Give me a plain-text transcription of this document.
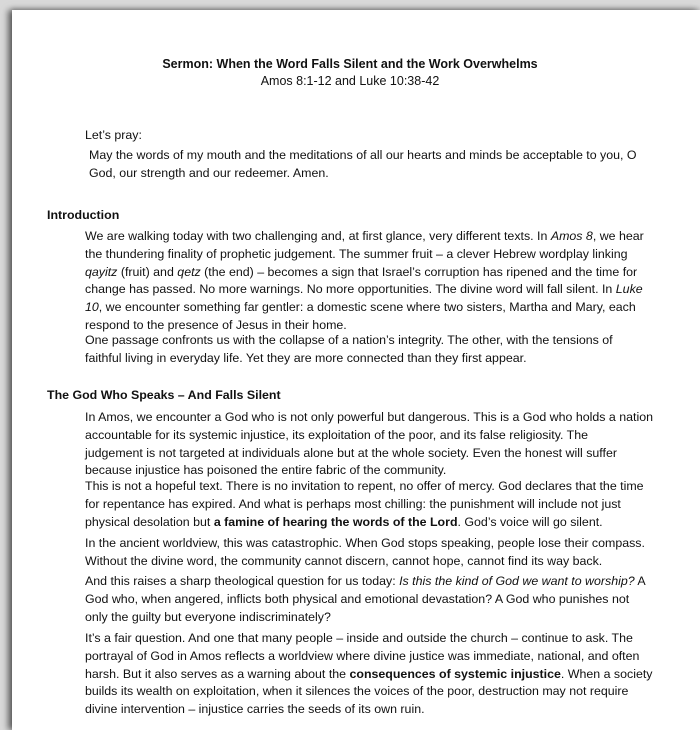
Sermon: When the Word Falls Silent and the Work Overwhelms
Amos 8:1-12 and Luke 10:38-42
Let’s pray:
May the words of my mouth and the meditations of all our hearts and minds be acceptable to you, O
God, our strength and our redeemer. Amen.
Introduction
We are walking today with two challenging and, at first glance, very different texts. In Amos 8, we hear
the thundering finality of prophetic judgement. The summer fruit – a clever Hebrew wordplay linking
qayitz (fruit) and qetz (the end) – becomes a sign that Israel’s corruption has ripened and the time for
change has passed. No more warnings. No more opportunities. The divine word will fall silent. In Luke
10, we encounter something far gentler: a domestic scene where two sisters, Martha and Mary, each
respond to the presence of Jesus in their home.
One passage confronts us with the collapse of a nation’s integrity. The other, with the tensions of
faithful living in everyday life. Yet they are more connected than they first appear.
The God Who Speaks – And Falls Silent
In Amos, we encounter a God who is not only powerful but dangerous. This is a God who holds a nation
accountable for its systemic injustice, its exploitation of the poor, and its false religiosity. The
judgement is not targeted at individuals alone but at the whole society. Even the honest will suffer
because injustice has poisoned the entire fabric of the community.
This is not a hopeful text. There is no invitation to repent, no offer of mercy. God declares that the time
for repentance has expired. And what is perhaps most chilling: the punishment will include not just
physical desolation but a famine of hearing the words of the Lord. God’s voice will go silent.
In the ancient worldview, this was catastrophic. When God stops speaking, people lose their compass.
Without the divine word, the community cannot discern, cannot hope, cannot find its way back.
And this raises a sharp theological question for us today: Is this the kind of God we want to worship? A
God who, when angered, inflicts both physical and emotional devastation? A God who punishes not
only the guilty but everyone indiscriminately?
It’s a fair question. And one that many people – inside and outside the church – continue to ask. The
portrayal of God in Amos reflects a worldview where divine justice was immediate, national, and often
harsh. But it also serves as a warning about the consequences of systemic injustice. When a society
builds its wealth on exploitation, when it silences the voices of the poor, destruction may not require
divine intervention – injustice carries the seeds of its own ruin.
